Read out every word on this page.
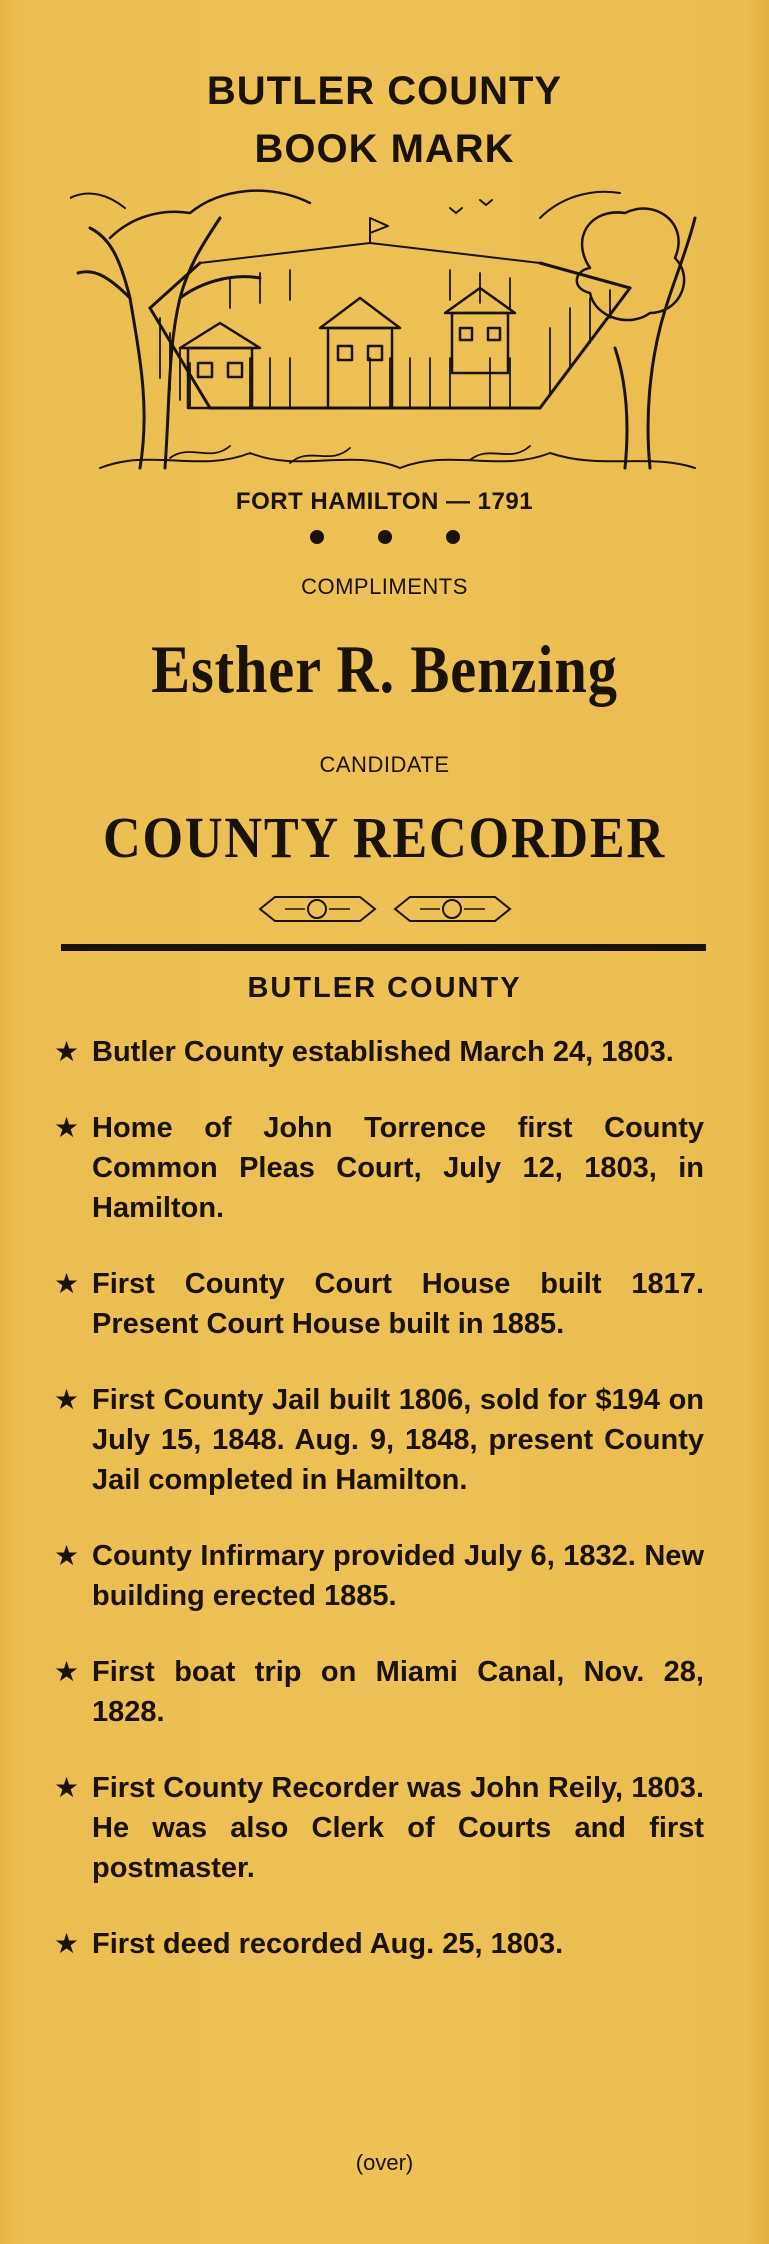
BUTLER COUNTY
BOOK MARK
FORT HAMILTON — 1791
COMPLIMENTS
Esther R. Benzing
CANDIDATE
COUNTY RECORDER
BUTLER COUNTY
★ Butler County established March 24, 1803.
★ Home of John Torrence first County Common Pleas Court, July 12, 1803, in Hamilton.
★ First County Court House built 1817. Present Court House built in 1885.
★ First County Jail built 1806, sold for $194 on July 15, 1848. Aug. 9, 1848, present County Jail completed in Hamilton.
★ County Infirmary provided July 6, 1832. New building erected 1885.
★ First boat trip on Miami Canal, Nov. 28, 1828.
★ First County Recorder was John Reily, 1803. He was also Clerk of Courts and first postmaster.
★ First deed recorded Aug. 25, 1803.
(over)
